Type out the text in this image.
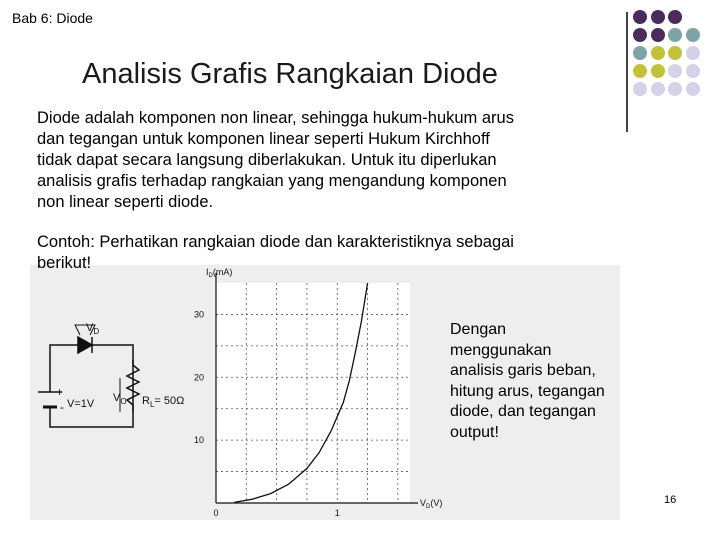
Bab 6: Diode
Analisis Grafis Rangkaian Diode
Diode adalah komponen non linear, sehingga hukum-hukum arus
dan tegangan untuk komponen linear seperti Hukum Kirchhoff
tidak dapat secara langsung diberlakukan. Untuk itu diperlukan
analisis grafis terhadap rangkaian yang mengandung komponen
non linear seperti diode.
$V_D$
+
- V=1V $V_O$ $R_L= 50\Omega$
30
20
10
0	1
$I_D(mA)$
$V_D(V)$
Contoh: Perhatikan rangkaian diode dan karakteristiknya sebagai
berikut!
Dengan
menggunakan
analisis garis beban,
hitung arus, tegangan
diode, dan tegangan
output!
16
